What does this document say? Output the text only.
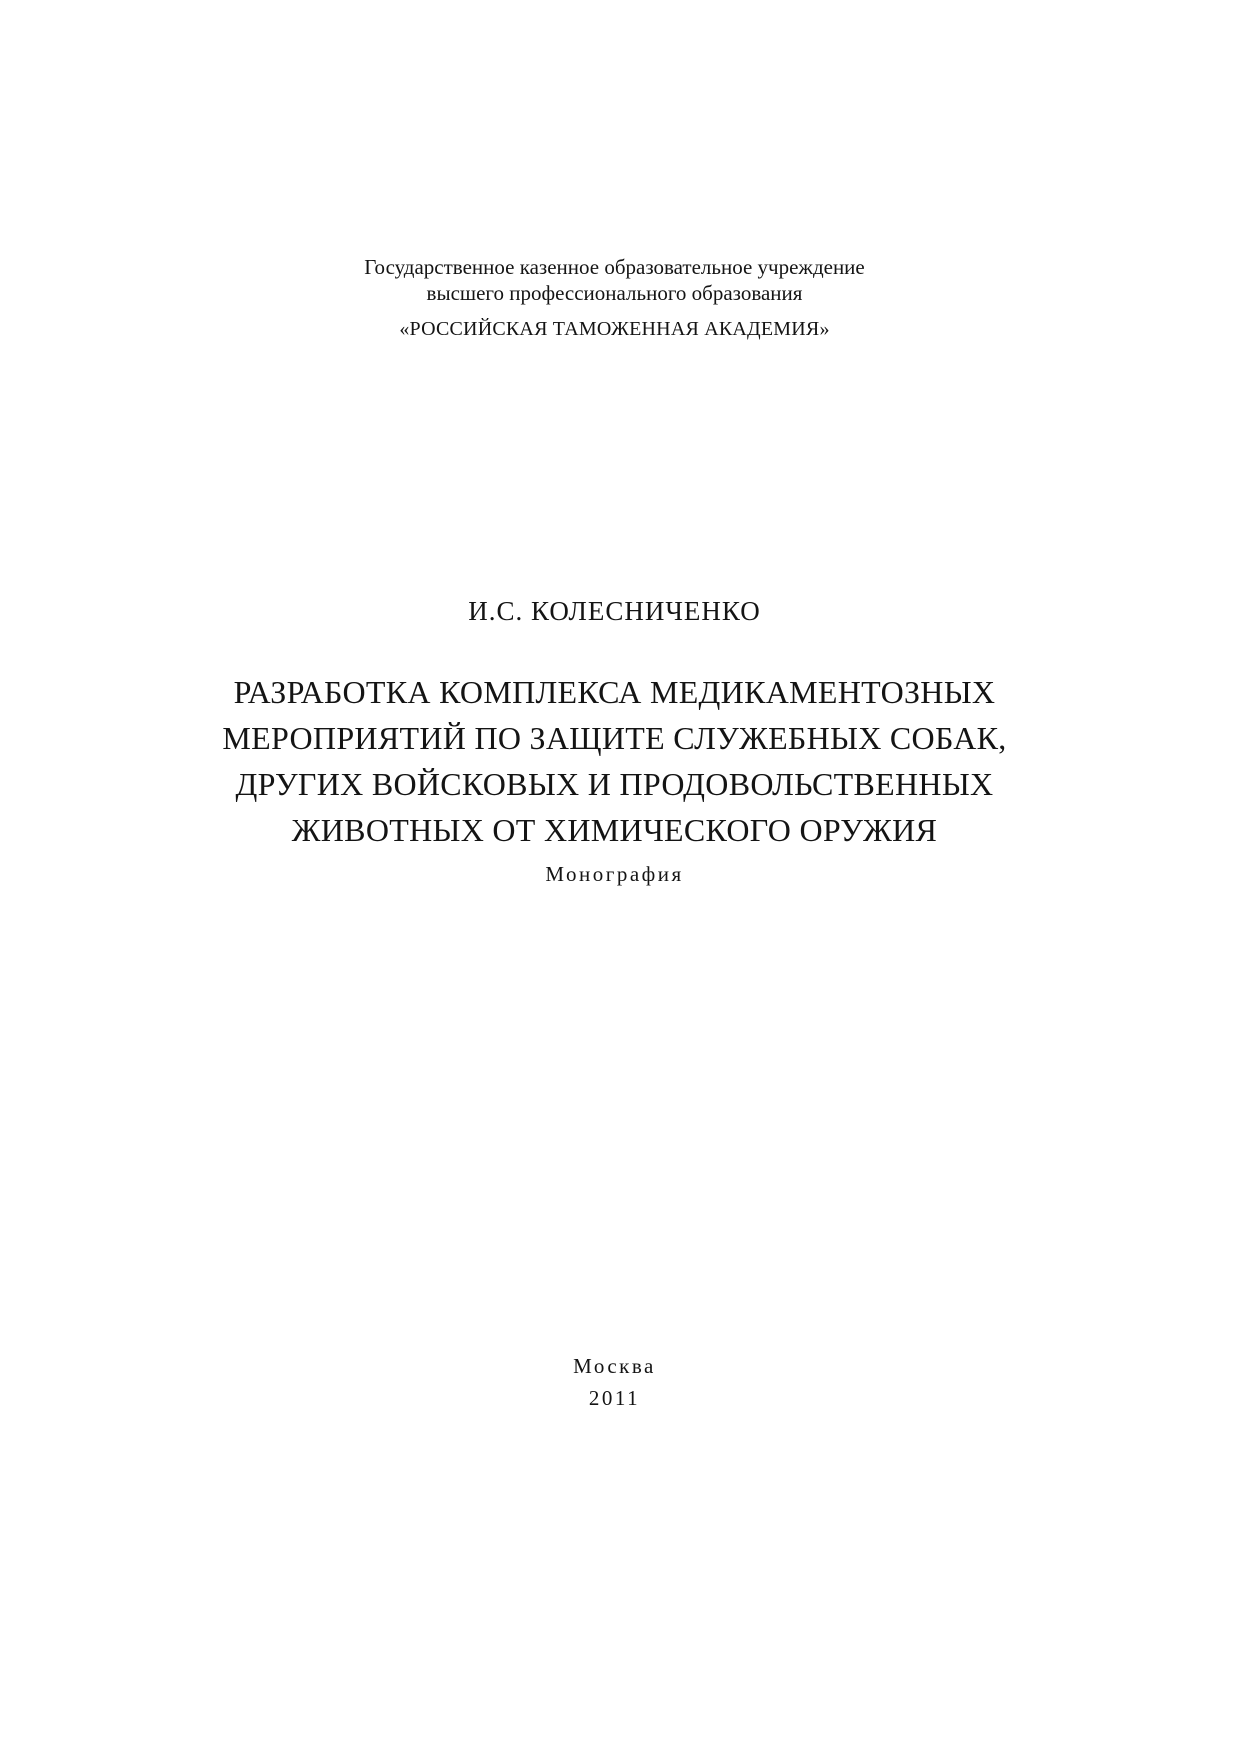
Государственное казенное образовательное учреждение
высшего профессионального образования
«РОССИЙСКАЯ ТАМОЖЕННАЯ АКАДЕМИЯ»
И.С. КОЛЕСНИЧЕНКО
РАЗРАБОТКА КОМПЛЕКСА МЕДИКАМЕНТОЗНЫХ
МЕРОПРИЯТИЙ ПО ЗАЩИТЕ СЛУЖЕБНЫХ СОБАК,
ДРУГИХ ВОЙСКОВЫХ И ПРОДОВОЛЬСТВЕННЫХ
ЖИВОТНЫХ ОТ ХИМИЧЕСКОГО ОРУЖИЯ
Монография
Москва
2011
